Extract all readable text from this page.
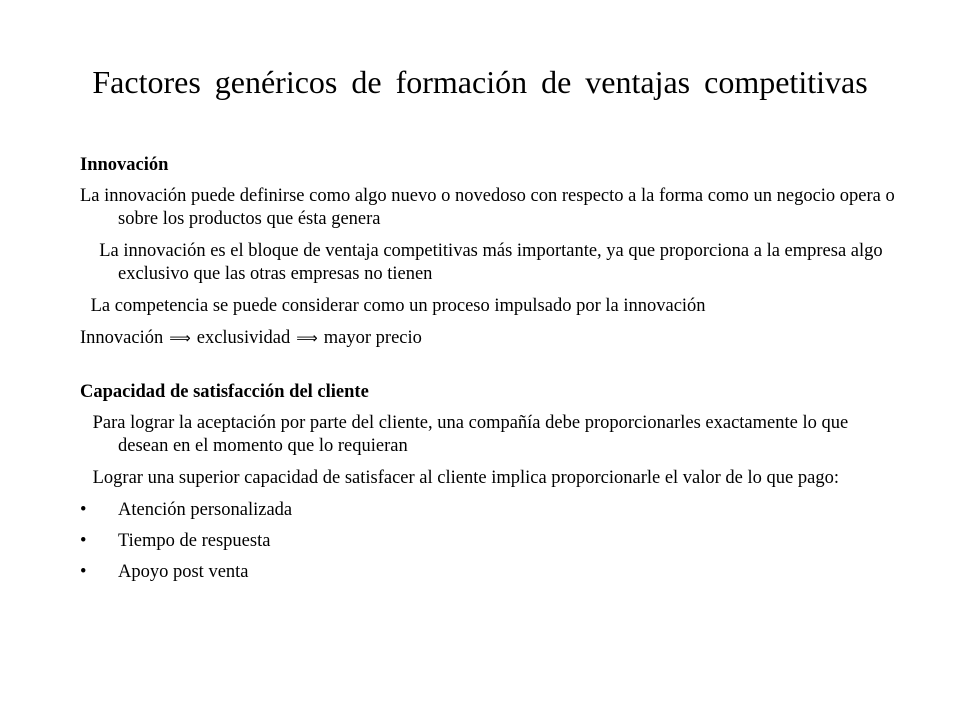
Factores genéricos de formación de ventajas competitivas

Innovación

La innovación puede definirse como algo nuevo o novedoso con respecto a la forma como un negocio opera o sobre los productos que ésta genera

La innovación es el bloque de ventaja competitivas más importante, ya que proporciona a la empresa algo exclusivo que las otras empresas no tienen

La competencia se puede considerar como un proceso impulsado por la innovación

Innovación ⟹ exclusividad ⟹ mayor precio

Capacidad de satisfacción del cliente

Para lograr la aceptación por parte del cliente, una compañía debe proporcionarles exactamente lo que desean en el momento que lo requieran

Lograr una superior capacidad de satisfacer al cliente implica proporcionarle el valor de lo que pago:

• Atención personalizada
• Tiempo de respuesta
• Apoyo post venta
